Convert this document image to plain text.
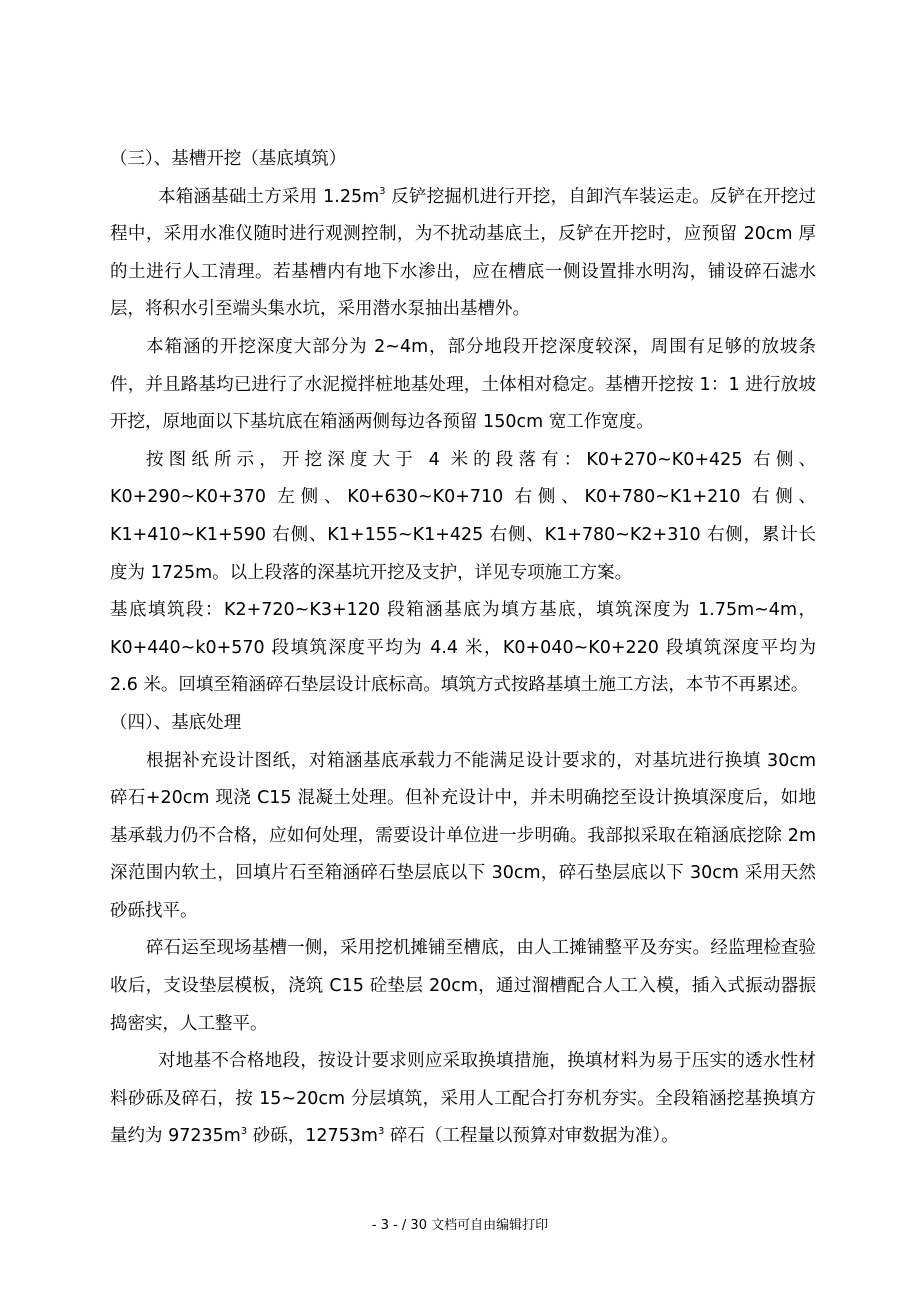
（三）、基槽开挖（基底填筑）

本箱涵基础土方采用 $1.25m^3$ 反铲挖掘机进行开挖，自卸汽车装运走。反铲在开挖过程中，采用水准仪随时进行观测控制，为不扰动基底土，反铲在开挖时，应预留 20cm 厚的土进行人工清理。若基槽内有地下水渗出，应在槽底一侧设置排水明沟，铺设碎石滤水层，将积水引至端头集水坑，采用潜水泵抽出基槽外。

本箱涵的开挖深度大部分为 2~4m，部分地段开挖深度较深，周围有足够的放坡条件，并且路基均已进行了水泥搅拌桩地基处理，土体相对稳定。基槽开挖按 1：1 进行放坡开挖，原地面以下基坑底在箱涵两侧每边各预留 150cm 宽工作宽度。

按图纸所示，开挖深度大于 4 米的段落有：K0+270~K0+425 右侧、K0+290~K0+370 左侧、K0+630~K0+710 右侧、K0+780~K1+210 右侧、K1+410~K1+590 右侧、K1+155~K1+425 右侧、K1+780~K2+310 右侧，累计长度为 1725m。以上段落的深基坑开挖及支护，详见专项施工方案。

基底填筑段：K2+720~K3+120 段箱涵基底为填方基底，填筑深度为 1.75m~4m，K0+440~k0+570 段填筑深度平均为 4.4 米，K0+040~K0+220 段填筑深度平均为 2.6 米。回填至箱涵碎石垫层设计底标高。填筑方式按路基填土施工方法，本节不再累述。

（四）、基底处理

根据补充设计图纸，对箱涵基底承载力不能满足设计要求的，对基坑进行换填 30cm 碎石+20cm 现浇 C15 混凝土处理。但补充设计中，并未明确挖至设计换填深度后，如地基承载力仍不合格，应如何处理，需要设计单位进一步明确。我部拟采取在箱涵底挖除 2m 深范围内软土，回填片石至箱涵碎石垫层底以下 30cm，碎石垫层底以下 30cm 采用天然砂砾找平。

碎石运至现场基槽一侧，采用挖机摊铺至槽底，由人工摊铺整平及夯实。经监理检查验收后，支设垫层模板，浇筑 C15 砼垫层 20cm，通过溜槽配合人工入模，插入式振动器振捣密实，人工整平。

对地基不合格地段，按设计要求则应采取换填措施，换填材料为易于压实的透水性材料砂砾及碎石，按 15~20cm 分层填筑，采用人工配合打夯机夯实。全段箱涵挖基换填方量约为 $97235m^3$ 砂砾，$12753m^3$ 碎石（工程量以预算对审数据为准）。

- 3 - / 30 文档可自由编辑打印
